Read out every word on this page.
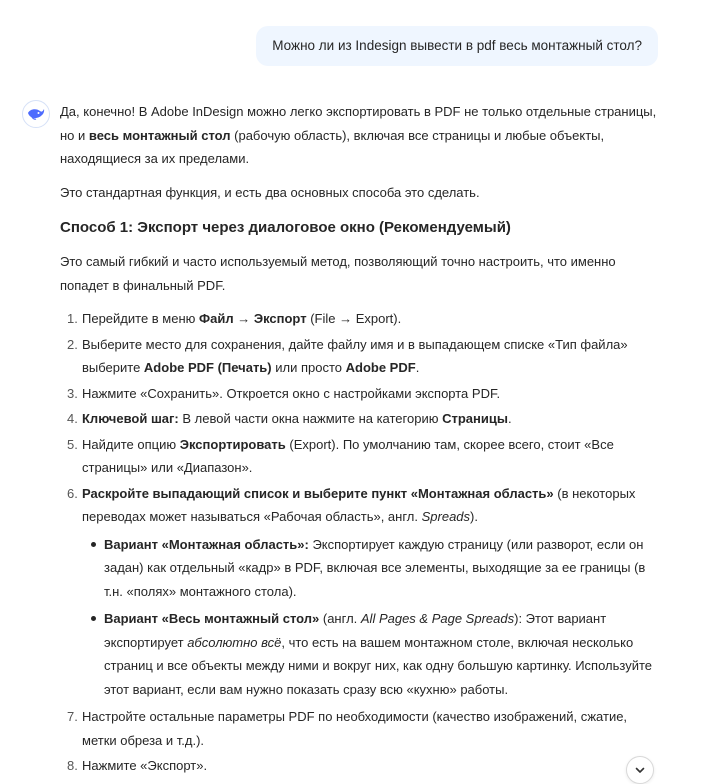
Можно ли из Indesign вывести в pdf весь монтажный стол?

Да, конечно! В Adobe InDesign можно легко экспортировать в PDF не только отдельные страницы, но и весь монтажный стол (рабочую область), включая все страницы и любые объекты, находящиеся за их пределами.

Это стандартная функция, и есть два основных способа это сделать.

Способ 1: Экспорт через диалоговое окно (Рекомендуемый)

Это самый гибкий и часто используемый метод, позволяющий точно настроить, что именно попадет в финальный PDF.

1. Перейдите в меню Файл → Экспорт (File → Export).
2. Выберите место для сохранения, дайте файлу имя и в выпадающем списке «Тип файла» выберите Adobe PDF (Печать) или просто Adobe PDF.
3. Нажмите «Сохранить». Откроется окно с настройками экспорта PDF.
4. Ключевой шаг: В левой части окна нажмите на категорию Страницы.
5. Найдите опцию Экспортировать (Export). По умолчанию там, скорее всего, стоит «Все страницы» или «Диапазон».
6. Раскройте выпадающий список и выберите пункт «Монтажная область» (в некоторых переводах может называться «Рабочая область», англ. Spreads).
Вариант «Монтажная область»: Экспортирует каждую страницу (или разворот, если он задан) как отдельный «кадр» в PDF, включая все элементы, выходящие за ее границы (в т.н. «полях» монтажного стола).
Вариант «Весь монтажный стол» (англ. All Pages & Page Spreads): Этот вариант экспортирует абсолютно всё, что есть на вашем монтажном столе, включая несколько страниц и все объекты между ними и вокруг них, как одну большую картинку. Используйте этот вариант, если вам нужно показать сразу всю «кухню» работы.
7. Настройте остальные параметры PDF по необходимости (качество изображений, сжатие, метки обреза и т.д.).
8. Нажмите «Экспорт».
